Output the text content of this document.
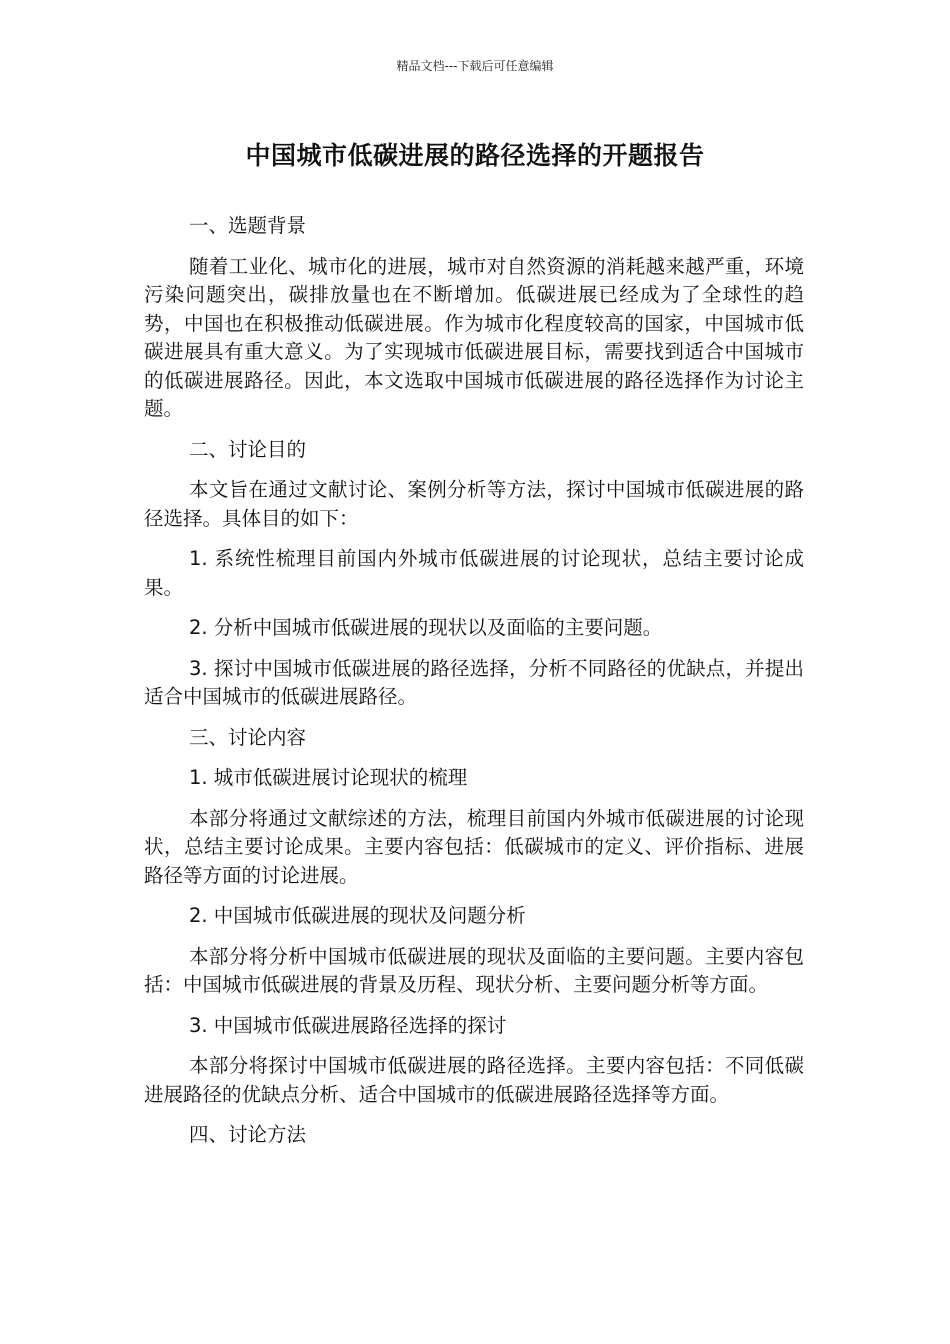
精品文档---下载后可任意编辑
中国城市低碳进展的路径选择的开题报告
一、选题背景

随着工业化、城市化的进展，城市对自然资源的消耗越来越严重，环境污染问题突出，碳排放量也在不断增加。低碳进展已经成为了全球性的趋势，中国也在积极推动低碳进展。作为城市化程度较高的国家，中国城市低碳进展具有重大意义。为了实现城市低碳进展目标，需要找到适合中国城市的低碳进展路径。因此，本文选取中国城市低碳进展的路径选择作为讨论主题。

二、讨论目的

本文旨在通过文献讨论、案例分析等方法，探讨中国城市低碳进展的路径选择。具体目的如下：

1. 系统性梳理目前国内外城市低碳进展的讨论现状，总结主要讨论成果。

2. 分析中国城市低碳进展的现状以及面临的主要问题。

3. 探讨中国城市低碳进展的路径选择，分析不同路径的优缺点，并提出适合中国城市的低碳进展路径。

三、讨论内容
1. 城市低碳进展讨论现状的梳理

本部分将通过文献综述的方法，梳理目前国内外城市低碳进展的讨论现状，总结主要讨论成果。主要内容包括：低碳城市的定义、评价指标、进展路径等方面的讨论进展。

2. 中国城市低碳进展的现状及问题分析

本部分将分析中国城市低碳进展的现状及面临的主要问题。主要内容包括：中国城市低碳进展的背景及历程、现状分析、主要问题分析等方面。

3. 中国城市低碳进展路径选择的探讨

本部分将探讨中国城市低碳进展的路径选择。主要内容包括：不同低碳进展路径的优缺点分析、适合中国城市的低碳进展路径选择等方面。

四、讨论方法
